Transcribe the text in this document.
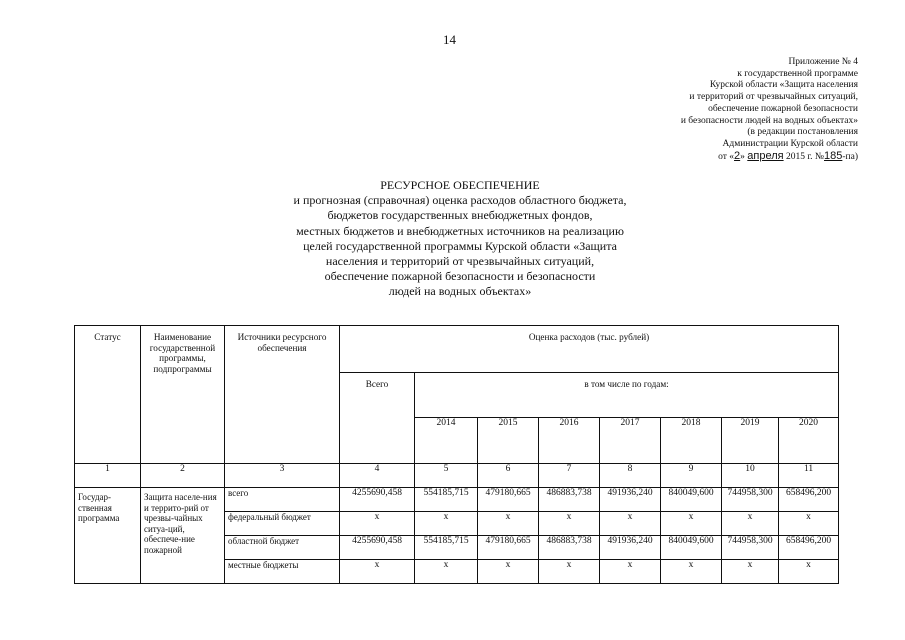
14
Приложение № 4
к государственной программе
Курской области «Защита населения
и территорий от чрезвычайных ситуаций,
обеспечение пожарной безопасности
и безопасности людей на водных объектах»
(в редакции постановления
Администрации Курской области
от «2» апреля 2015 г. №185-па)
РЕСУРСНОЕ ОБЕСПЕЧЕНИЕ
и прогнозная (справочная) оценка расходов областного бюджета,
бюджетов государственных внебюджетных фондов,
местных бюджетов и внебюджетных источников на реализацию
целей государственной программы Курской области «Защита
населения и территорий от чрезвычайных ситуаций,
обеспечение пожарной безопасности и безопасности
людей на водных объектах»
Статус	Наименование государственной программы, подпрограммы	Источники ресурсного обеспечения	Оценка расходов (тыс. рублей)							
			Всего	в том числе по годам:						
				2014	2015	2016	2017	2018	2019	2020
1	2	3	4	5	6	7	8	9	10	11
Государ-ственная программа	Защита населе-ния и террито-рий от чрезвы-чайных ситуа-ций, обеспече-ние пожарной	всего	4255690,458	554185,715	479180,665	486883,738	491936,240	840049,600	744958,300	658496,200
		федеральный бюджет	х	х	х	х	х	х	х	х
		областной бюджет	4255690,458	554185,715	479180,665	486883,738	491936,240	840049,600	744958,300	658496,200
		местные бюджеты	х	х	х	х	х	х	х	х
